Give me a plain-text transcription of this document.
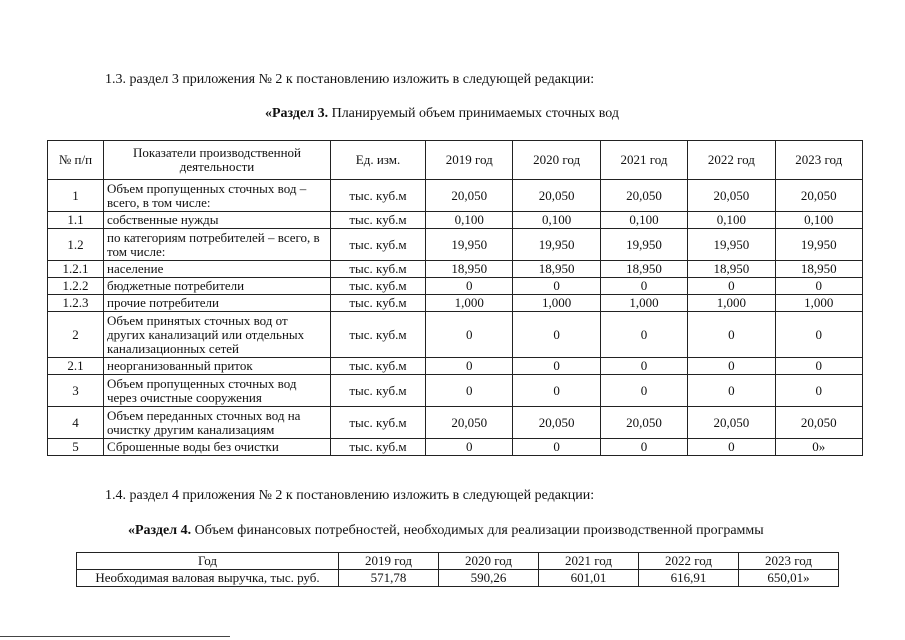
1.3. раздел 3 приложения № 2 к постановлению изложить в следующей редакции:
«Раздел 3. Планируемый объем принимаемых сточных вод
№ п/п	Показатели производственной деятельности	Ед. изм.	2019 год	2020 год	2021 год	2022 год	2023 год
1	Объем пропущенных сточных вод – всего, в том числе:	тыс. куб.м	20,050	20,050	20,050	20,050	20,050
1.1	собственные нужды	тыс. куб.м	0,100	0,100	0,100	0,100	0,100
1.2	по категориям потребителей – всего, в том числе:	тыс. куб.м	19,950	19,950	19,950	19,950	19,950
1.2.1	население	тыс. куб.м	18,950	18,950	18,950	18,950	18,950
1.2.2	бюджетные потребители	тыс. куб.м	0	0	0	0	0
1.2.3	прочие потребители	тыс. куб.м	1,000	1,000	1,000	1,000	1,000
2	Объем принятых сточных вод от других канализаций или отдельных канализационных сетей	тыс. куб.м	0	0	0	0	0
2.1	неорганизованный приток	тыс. куб.м	0	0	0	0	0
3	Объем пропущенных сточных вод через очистные сооружения	тыс. куб.м	0	0	0	0	0
4	Объем переданных сточных вод на очистку другим канализациям	тыс. куб.м	20,050	20,050	20,050	20,050	20,050
5	Сброшенные воды без очистки	тыс. куб.м	0	0	0	0	0»
1.4. раздел 4 приложения № 2 к постановлению изложить в следующей редакции:
«Раздел 4. Объем финансовых потребностей, необходимых для реализации производственной программы
Год	2019 год	2020 год	2021 год	2022 год	2023 год
Необходимая валовая выручка, тыс. руб.	571,78	590,26	601,01	616,91	650,01»
